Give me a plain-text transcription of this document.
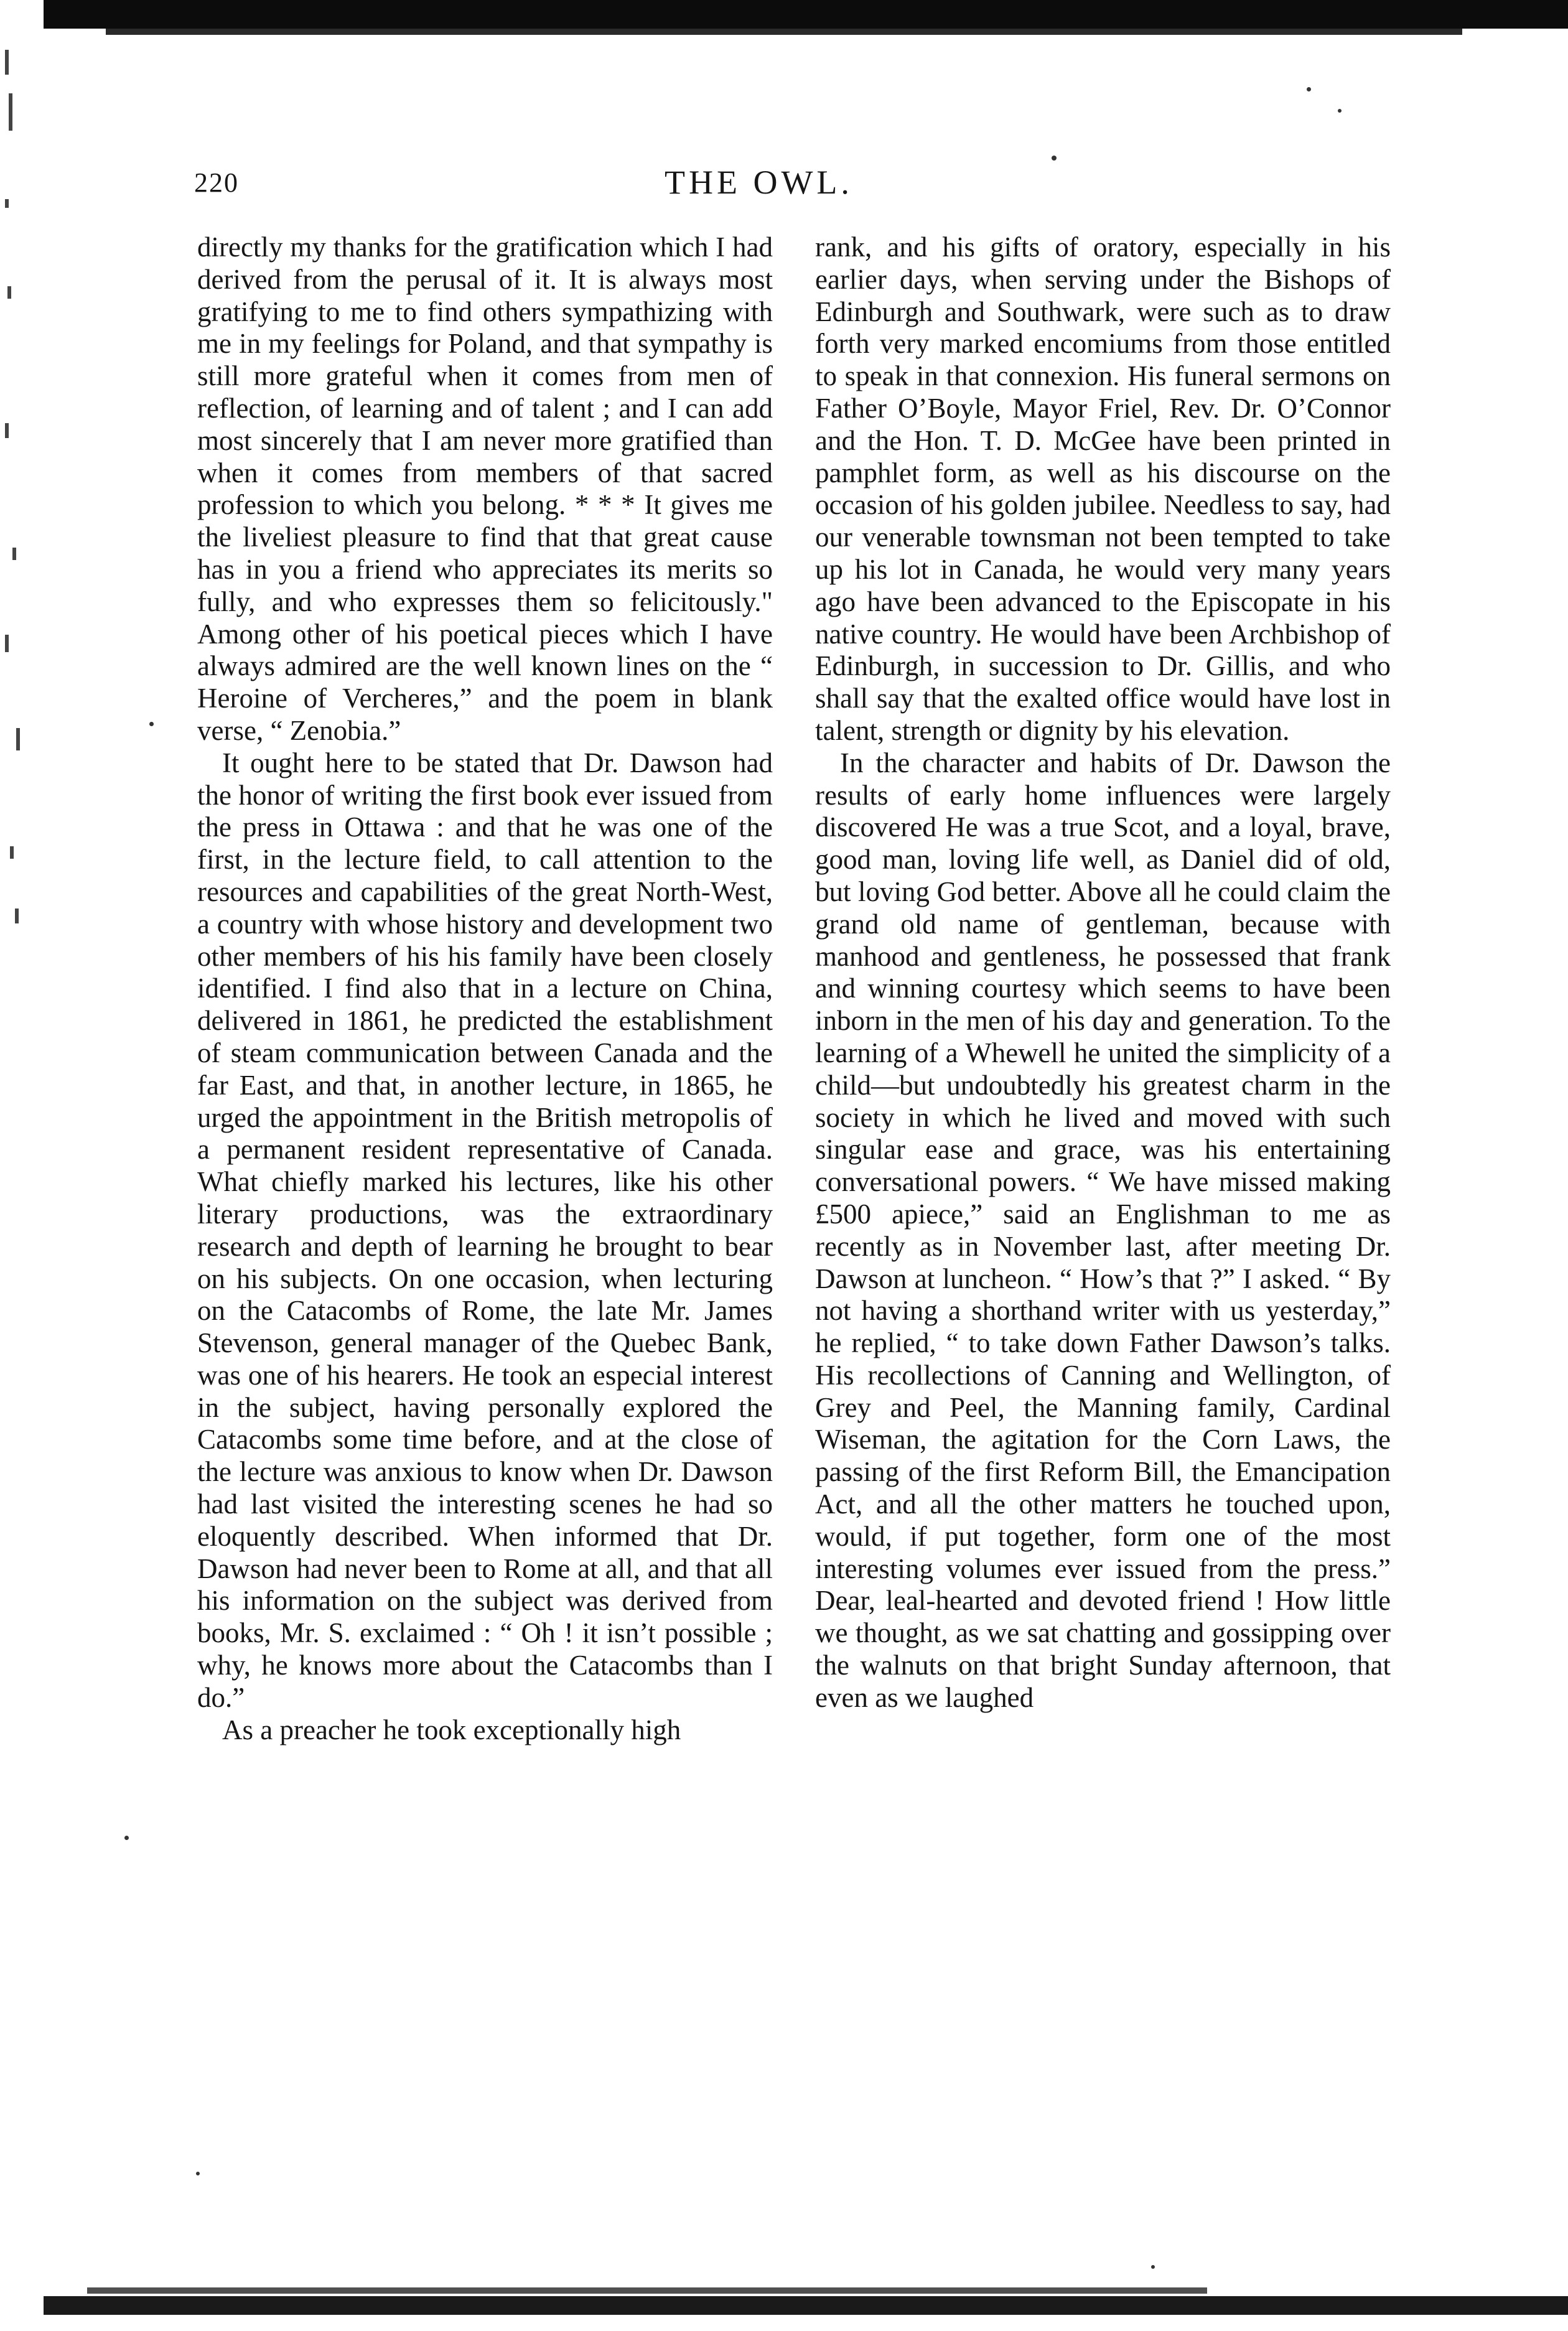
220	THE OWL.

directly my thanks for the gratification which I had derived from the perusal of it. It is always most gratifying to me to find others sympathizing with me in my feelings for Poland, and that sympathy is still more grateful when it comes from men of reflection, of learning and of talent ; and I can add most sincerely that I am never more gratified than when it comes from members of that sacred profession to which you belong. * * * It gives me the liveliest pleasure to find that that great cause has in you a friend who appreciates its merits so fully, and who expresses them so felicitously." Among other of his poetical pieces which I have always admired are the well known lines on the “ Heroine of Vercheres,” and the poem in blank verse, “ Zenobia.”

It ought here to be stated that Dr. Dawson had the honor of writing the first book ever issued from the press in Ottawa : and that he was one of the first, in the lecture field, to call attention to the resources and capabilities of the great North-West, a country with whose history and development two other members of his his family have been closely identified. I find also that in a lecture on China, delivered in 1861, he predicted the establishment of steam communication between Canada and the far East, and that, in another lecture, in 1865, he urged the appointment in the British metropolis of a permanent resident representative of Canada. What chiefly marked his lectures, like his other literary productions, was the extraordinary research and depth of learning he brought to bear on his subjects. On one occasion, when lecturing on the Catacombs of Rome, the late Mr. James Stevenson, general manager of the Quebec Bank, was one of his hearers. He took an especial interest in the subject, having personally explored the Catacombs some time before, and at the close of the lecture was anxious to know when Dr. Dawson had last visited the interesting scenes he had so eloquently described. When informed that Dr. Dawson had never been to Rome at all, and that all his information on the subject was derived from books, Mr. S. exclaimed : “ Oh ! it isn’t possible ; why, he knows more about the Catacombs than I do.”

As a preacher he took exceptionally high

rank, and his gifts of oratory, especially in his earlier days, when serving under the Bishops of Edinburgh and Southwark, were such as to draw forth very marked encomiums from those entitled to speak in that connexion. His funeral sermons on Father O’Boyle, Mayor Friel, Rev. Dr. O’Connor and the Hon. T. D. McGee have been printed in pamphlet form, as well as his discourse on the occasion of his golden jubilee. Needless to say, had our venerable townsman not been tempted to take up his lot in Canada, he would very many years ago have been advanced to the Episcopate in his native country. He would have been Archbishop of Edinburgh, in succession to Dr. Gillis, and who shall say that the exalted office would have lost in talent, strength or dignity by his elevation.

In the character and habits of Dr. Dawson the results of early home influences were largely discovered He was a true Scot, and a loyal, brave, good man, loving life well, as Daniel did of old, but loving God better. Above all he could claim the grand old name of gentleman, because with manhood and gentleness, he possessed that frank and winning courtesy which seems to have been inborn in the men of his day and generation. To the learning of a Whewell he united the simplicity of a child—but undoubtedly his greatest charm in the society in which he lived and moved with such singular ease and grace, was his entertaining conversational powers. “ We have missed making £500 apiece,” said an Englishman to me as recently as in November last, after meeting Dr. Dawson at luncheon. “ How’s that ?” I asked. “ By not having a shorthand writer with us yesterday,” he replied, “ to take down Father Dawson’s talks. His recollections of Canning and Wellington, of Grey and Peel, the Manning family, Cardinal Wiseman, the agitation for the Corn Laws, the passing of the first Reform Bill, the Emancipation Act, and all the other matters he touched upon, would, if put together, form one of the most interesting volumes ever issued from the press.” Dear, leal-hearted and devoted friend ! How little we thought, as we sat chatting and gossipping over the walnuts on that bright Sunday afternoon, that even as we laughed
